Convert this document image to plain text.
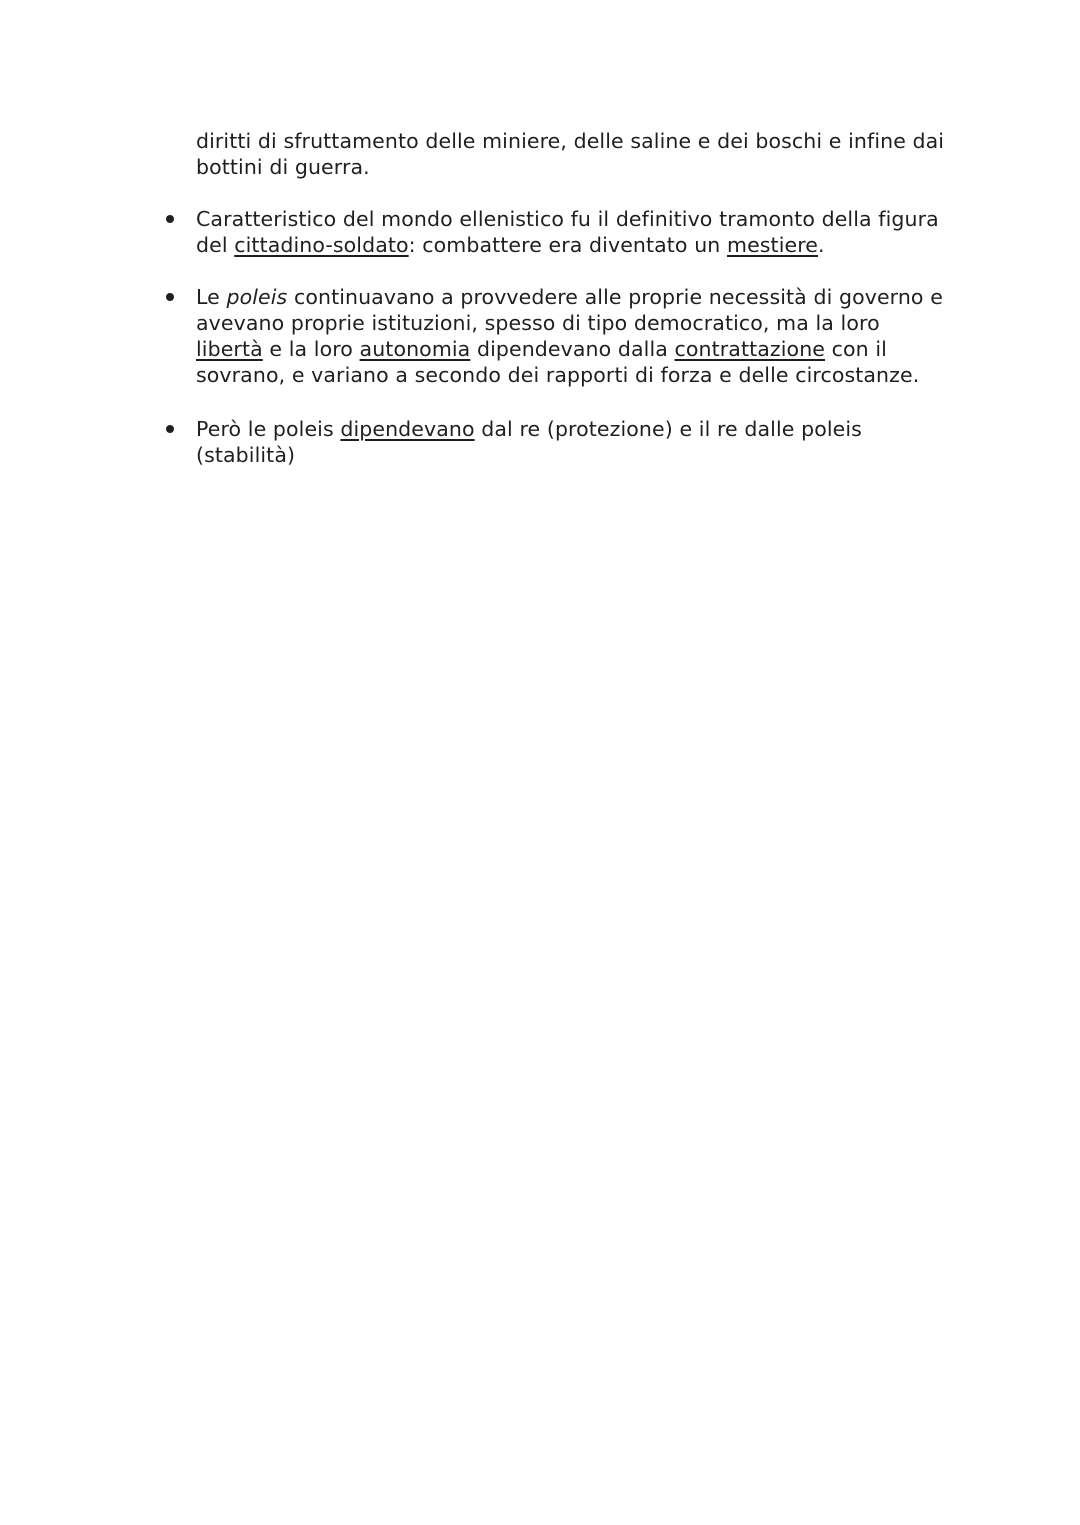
diritti di sfruttamento delle miniere, delle saline e dei boschi e infine dai
bottini di guerra.
Caratteristico del mondo ellenistico fu il definitivo tramonto della figura
del cittadino-soldato: combattere era diventato un mestiere.
Le poleis continuavano a provvedere alle proprie necessità di governo e
avevano proprie istituzioni, spesso di tipo democratico, ma la loro
libertà e la loro autonomia dipendevano dalla contrattazione con il
sovrano, e variano a secondo dei rapporti di forza e delle circostanze.
Però le poleis dipendevano dal re (protezione) e il re dalle poleis
(stabilità)
